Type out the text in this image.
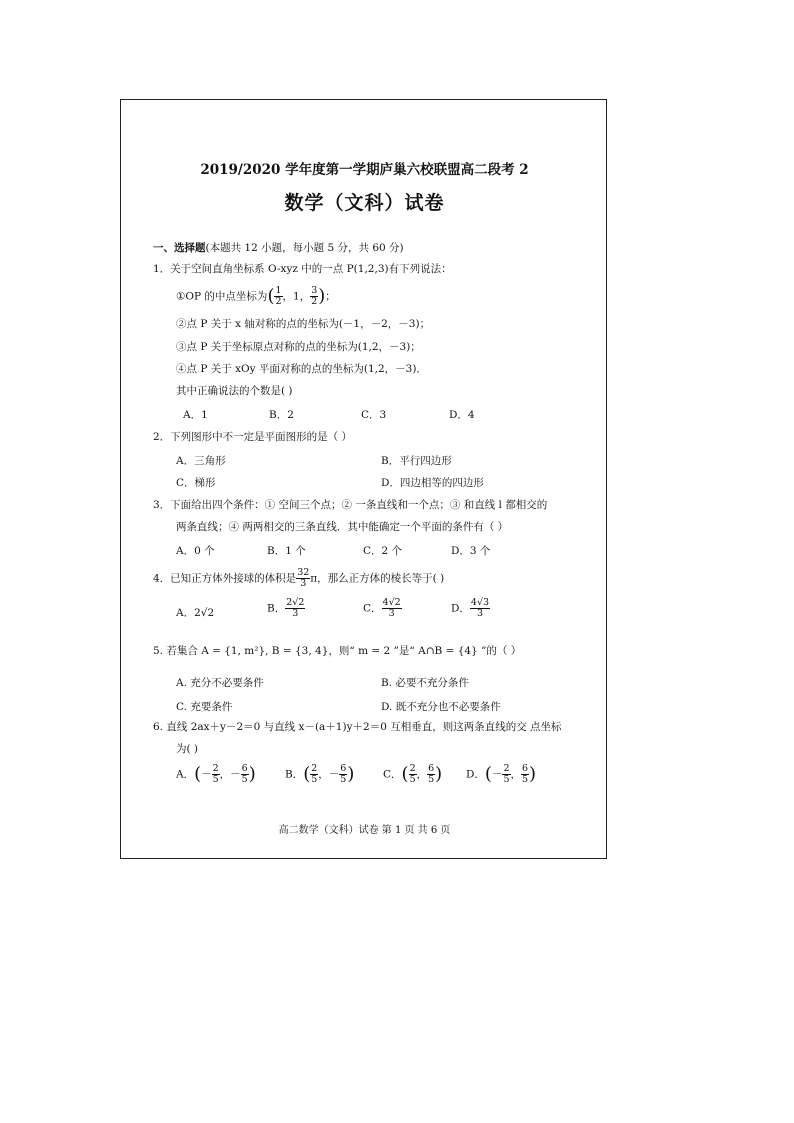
2019/2020 学年度第一学期庐巢六校联盟高二段考 2
数学（文科）试卷
一、选择题(本题共 12 小题，每小题 5 分，共 60 分)
1．关于空间直角坐标系 O-xyz 中的一点 P(1,2,3)有下列说法：
①OP 的中点坐标为( $\frac{1}{2}$ ，1， $\frac{3}{2}$ )；
②点 P 关于 x 轴对称的点的坐标为(－1，－2，－3)；
③点 P 关于坐标原点对称的点的坐标为(1,2，－3)；
④点 P 关于 xOy 平面对称的点的坐标为(1,2，－3)．
其中正确说法的个数是( )
A．1	B．2	C．3	D．4
2．下列图形中不一定是平面图形的是（ ）
A．三角形	B．平行四边形
C．梯形	D．四边相等的四边形
3．下面给出四个条件：① 空间三个点；② 一条直线和一个点；③ 和直线 l 都相交的
两条直线；④ 两两相交的三条直线．其中能确定一个平面的条件有（ ）
A．0 个	B．1 个	C．2 个	D．3 个
4．已知正方体外接球的体积是 $\frac{32}{3}$ π，那么正方体的棱长等于( )
A．2√2	B． $\frac{2√2}{3}$	C． $\frac{4√2}{3}$	D． $\frac{4√3}{3}$
5. 若集合 A = {1, m²}, B = {3, 4}，则“ m = 2 ”是“ A∩B = {4} ”的（ ）
A. 充分不必要条件	B. 必要不充分条件
C. 充要条件	D. 既不充分也不必要条件
6. 直线 2ax＋y－2＝0 与直线 x－(a＋1)y＋2＝0 互相垂直，则这两条直线的交 点坐标
为( )
A．(－ $\frac{2}{5}$ ，－ $\frac{6}{5}$ )	B．( $\frac{2}{5}$ ，－ $\frac{6}{5}$ )	C．( $\frac{2}{5}$ ， $\frac{6}{5}$ ) D．(－ $\frac{2}{5}$ ， $\frac{6}{5}$ )
高二数学（文科）试卷 第 1 页 共 6 页
